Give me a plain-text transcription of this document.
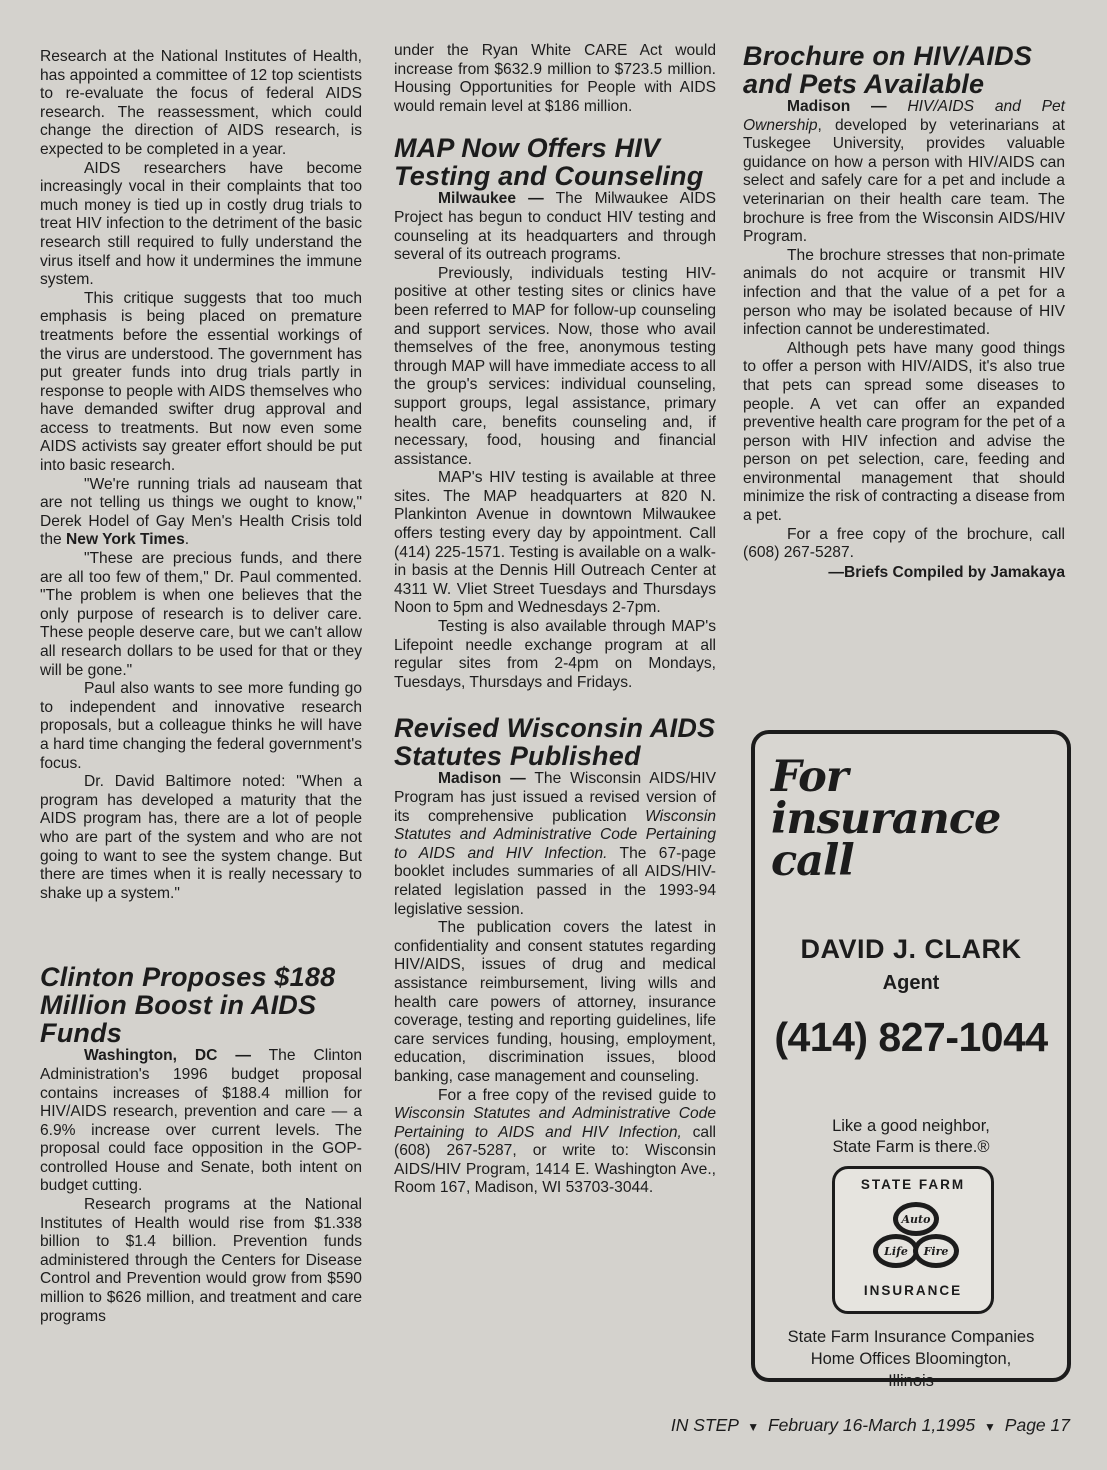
Research at the National Institutes of Health, has appointed a committee of 12 top scientists to re-evaluate the focus of federal AIDS research. The reassessment, which could change the direction of AIDS research, is expected to be completed in a year.

AIDS researchers have become increasingly vocal in their complaints that too much money is tied up in costly drug trials to treat HIV infection to the detriment of the basic research still required to fully understand the virus itself and how it undermines the immune system.

This critique suggests that too much emphasis is being placed on premature treatments before the essential workings of the virus are understood. The government has put greater funds into drug trials partly in response to people with AIDS themselves who have demanded swifter drug approval and access to treatments. But now even some AIDS activists say greater effort should be put into basic research.

"We're running trials ad nauseam that are not telling us things we ought to know," Derek Hodel of Gay Men's Health Crisis told the New York Times.

"These are precious funds, and there are all too few of them," Dr. Paul commented. "The problem is when one believes that the only purpose of research is to deliver care. These people deserve care, but we can't allow all research dollars to be used for that or they will be gone."

Paul also wants to see more funding go to independent and innovative research proposals, but a colleague thinks he will have a hard time changing the federal government's focus.

Dr. David Baltimore noted: "When a program has developed a maturity that the AIDS program has, there are a lot of people who are part of the system and who are not going to want to see the system change. But there are times when it is really necessary to shake up a system."

Clinton Proposes $188 Million Boost in AIDS Funds

Washington, DC — The Clinton Administration's 1996 budget proposal contains increases of $188.4 million for HIV/AIDS research, prevention and care — a 6.9% increase over current levels. The proposal could face opposition in the GOP-controlled House and Senate, both intent on budget cutting.

Research programs at the National Institutes of Health would rise from $1.338 billion to $1.4 billion. Prevention funds administered through the Centers for Disease Control and Prevention would grow from $590 million to $626 million, and treatment and care programs

under the Ryan White CARE Act would increase from $632.9 million to $723.5 million. Housing Opportunities for People with AIDS would remain level at $186 million.

MAP Now Offers HIV Testing and Counseling

Milwaukee — The Milwaukee AIDS Project has begun to conduct HIV testing and counseling at its headquarters and through several of its outreach programs.

Previously, individuals testing HIV-positive at other testing sites or clinics have been referred to MAP for follow-up counseling and support services. Now, those who avail themselves of the free, anonymous testing through MAP will have immediate access to all the group's services: individual counseling, support groups, legal assistance, primary health care, benefits counseling and, if necessary, food, housing and financial assistance.

MAP's HIV testing is available at three sites. The MAP headquarters at 820 N. Plankinton Avenue in downtown Milwaukee offers testing every day by appointment. Call (414) 225-1571. Testing is available on a walk-in basis at the Dennis Hill Outreach Center at 4311 W. Vliet Street Tuesdays and Thursdays Noon to 5pm and Wednesdays 2-7pm.

Testing is also available through MAP's Lifepoint needle exchange program at all regular sites from 2-4pm on Mondays, Tuesdays, Thursdays and Fridays.

Revised Wisconsin AIDS Statutes Published

Madison — The Wisconsin AIDS/HIV Program has just issued a revised version of its comprehensive publication Wisconsin Statutes and Administrative Code Pertaining to AIDS and HIV Infection. The 67-page booklet includes summaries of all AIDS/HIV-related legislation passed in the 1993-94 legislative session.

The publication covers the latest in confidentiality and consent statutes regarding HIV/AIDS, issues of drug and medical assistance reimbursement, living wills and health care powers of attorney, insurance coverage, testing and reporting guidelines, life care services funding, housing, employment, education, discrimination issues, blood banking, case management and counseling.

For a free copy of the revised guide to Wisconsin Statutes and Administrative Code Pertaining to AIDS and HIV Infection, call (608) 267-5287, or write to: Wisconsin AIDS/HIV Program, 1414 E. Washington Ave., Room 167, Madison, WI 53703-3044.

Brochure on HIV/AIDS and Pets Available

Madison — HIV/AIDS and Pet Ownership, developed by veterinarians at Tuskegee University, provides valuable guidance on how a person with HIV/AIDS can select and safely care for a pet and include a veterinarian on their health care team. The brochure is free from the Wisconsin AIDS/HIV Program.

The brochure stresses that non-primate animals do not acquire or transmit HIV infection and that the value of a pet for a person who may be isolated because of HIV infection cannot be underestimated.

Although pets have many good things to offer a person with HIV/AIDS, it's also true that pets can spread some diseases to people. A vet can offer an expanded preventive health care program for the pet of a person with HIV infection and advise the person on pet selection, care, feeding and environmental management that should minimize the risk of contracting a disease from a pet.

For a free copy of the brochure, call (608) 267-5287.

—Briefs Compiled by Jamakaya
For
insurance
call
DAVID J. CLARK
Agent
(414) 827-1044
Like a good neighbor,
State Farm is there.®
STATE FARM
Auto
Life Fire
INSURANCE
State Farm Insurance Companies
Home Offices Bloomington,
Illinois
IN STEP ▼ February 16-March 1,1995 ▼ Page 17
